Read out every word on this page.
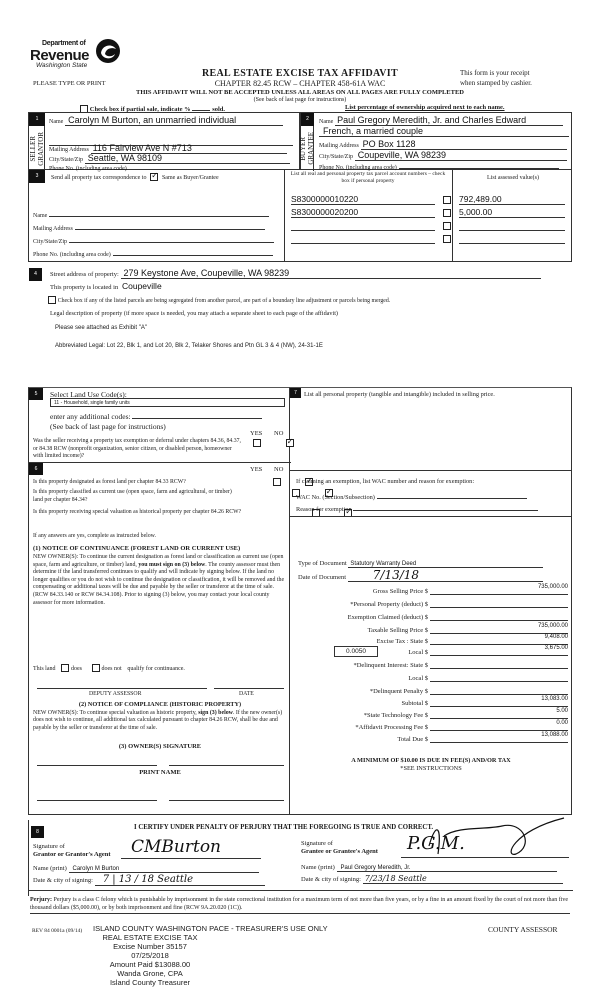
Department of
Revenue
Washington State
PLEASE TYPE OR PRINT
REAL ESTATE EXCISE TAX AFFIDAVIT
CHAPTER 82.45 RCW – CHAPTER 458-61A WAC
This form is your receipt
when stamped by cashier.
THIS AFFIDAVIT WILL NOT BE ACCEPTED UNLESS ALL AREAS ON ALL PAGES ARE FULLY COMPLETED
(See back of last page for instructions)
Check box if partial sale, indicate %	sold.	List percentage of ownership acquired next to each name.
1
SELLER GRANTOR
Name Carolyn M Burton, an unmarried individual
Mailing Address 116 Fairview Ave N #713
City/State/Zip Seattle, WA 98109
Phone No. (including area code)
2
BUYER GRANTEE
Name Paul Gregory Meredith, Jr. and Charles Edward
French, a married couple
Mailing Address PO Box 1128
City/State/Zip Coupeville, WA 98239
Phone No. (including area code)
3	Send all property tax correspondence to ✓	Same as Buyer/Grantee
Name
Mailing Address
City/State/Zip
Phone No. (including area code)
List all real and personal property tax parcel account numbers – check box if personal property	List assessed value(s)
S8300000010220	792,489.00
S8300000020200	5,000.00
4	Street address of property: 279 Keystone Ave, Coupeville, WA 98239
This property is located in Coupeville
Check box if any of the listed parcels are being segregated from another parcel, are part of a boundary line adjustment or parcels being merged.
Legal description of property (if more space is needed, you may attach a separate sheet to each page of the affidavit)
Please see attached as Exhibit "A"
Abbreviated Legal: Lot 22, Blk 1, and Lot 20, Blk 2, Telaker Shores and Ptn GL 3 & 4 (NW), 24-31-1E
5	Select Land Use Code(s):
11 - Household, single family units
enter any additional codes:
(See back of last page for instructions)
YES NO
Was the seller receiving a property tax exemption or deferral under chapters 84.36, 84.37, or 84.38 RCW (nonprofit organization, senior citizen, or disabled person, homeowner with limited income)?
✓
6	YES NO
Is this property designated as forest land per chapter 84.33 RCW?
✓
Is this property classified as current use (open space, farm and agricultural, or timber) land per chapter 84.34?
✓
Is this property receiving special valuation as historical property per chapter 84.26 RCW?
✓
If any answers are yes, complete as instructed below.
(1) NOTICE OF CONTINUANCE (FOREST LAND OR CURRENT USE)
NEW OWNER(S): To continue the current designation as forest land or classification as current use (open space, farm and agriculture, or timber) land, you must sign on (3) below. The county assessor must then determine if the land transferred continues to qualify and will indicate by signing below. If the land no longer qualifies or you do not wish to continue the designation or classification, it will be removed and the compensating or additional taxes will be due and payable by the seller or transferor at the time of sale. (RCW 84.33.140 or RCW 84.34.108). Prior to signing (3) below, you may contact your local county assessor for more information.
This land	does	does not qualify for continuance.
DEPUTY ASSESSOR	DATE
(2) NOTICE OF COMPLIANCE (HISTORIC PROPERTY)
NEW OWNER(S): To continue special valuation as historic property, sign (3) below. If the new owner(s) does not wish to continue, all additional tax calculated pursuant to chapter 84.26 RCW, shall be due and payable by the seller or transferor at the time of sale.
(3) OWNER(S) SIGNATURE
PRINT NAME
7	List all personal property (tangible and intangible) included in selling price.
If claiming an exemption, list WAC number and reason for exemption:
WAC No. (Section/Subsection)
Reason for exemption
Type of Document Statutory Warranty Deed
Date of Document 7/13/18
Gross Selling Price $
735,000.00
*Personal Property (deduct) $
Exemption Claimed (deduct) $
Taxable Selling Price $
735,000.00
Excise Tax : State $
9,408.00
0.0050	Local $
3,675.00
*Delinquent Interest: State $
Local $
*Delinquent Penalty $
Subtotal $
13,083.00
*State Technology Fee $
5.00
*Affidavit Processing Fee $
0.00
Total Due $
13,088.00
A MINIMUM OF $10.00 IS DUE IN FEE(S) AND/OR TAX
*SEE INSTRUCTIONS
8
I CERTIFY UNDER PENALTY OF PERJURY THAT THE FOREGOING IS TRUE AND CORRECT.
Signature of
Grantor or Grantor's Agent	CMBurton
Name (print) Carolyn M Burton
Date & city of signing: 7 | 13 / 18 Seattle
Signature of
Grantee or Grantee's Agent	P.G.M.
Name (print) Paul Gregory Meredith, Jr.
Date & city of signing: 7/23/18 Seattle
Perjury: Perjury is a class C felony which is punishable by imprisonment in the state correctional institution for a maximum term of not more than five years, or by a fine in an amount fixed by the court of not more than five thousand dollars ($5,000.00), or by both imprisonment and fine (RCW 9A.20.020 (1C)).
REV 84 0001a (09/14) ISLAND COUNTY WASHINGTON PACE - TREASURER'S USE ONLY	COUNTY ASSESSOR
REAL ESTATE EXCISE TAX
Excise Number 35157
07/25/2018
Amount Paid $13088.00
Wanda Grone, CPA
Island County Treasurer
